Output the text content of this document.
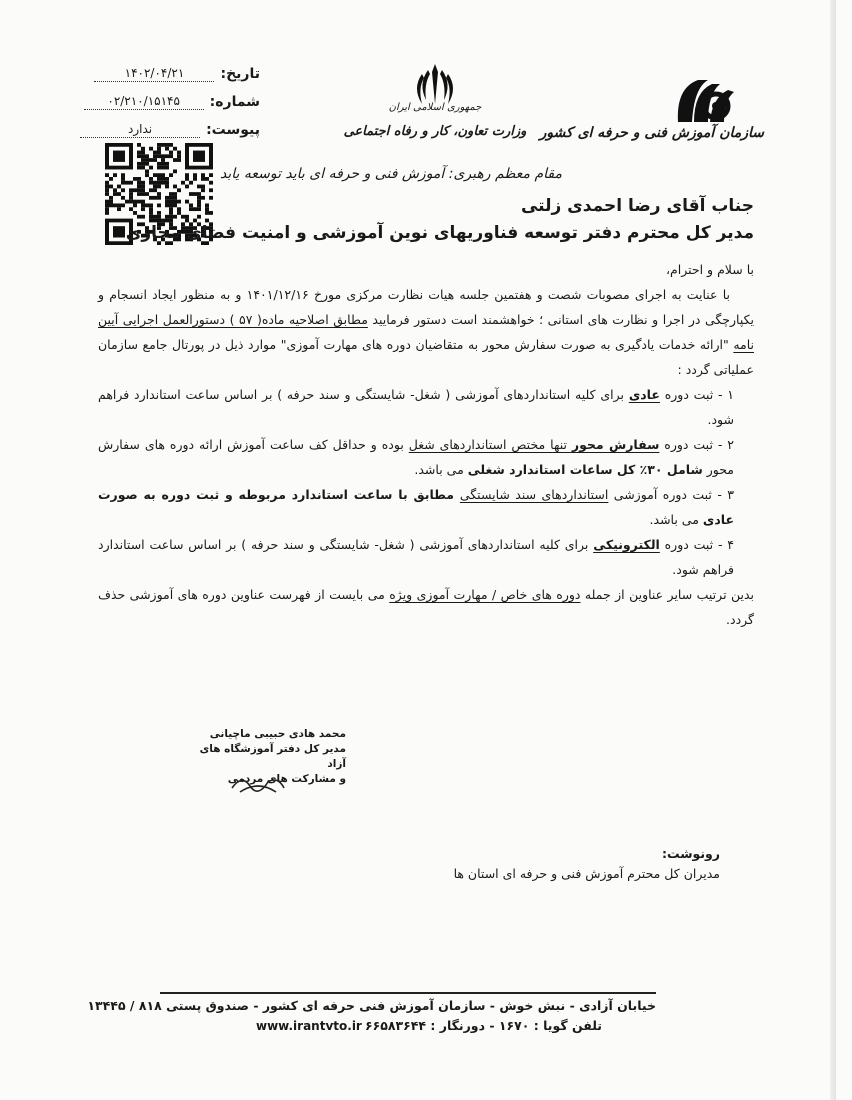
سازمان آموزش فنی و حرفه ای کشور
جمهوری اسلامی ایران
وزارت تعاون، کار و رفاه اجتماعی
مقام معظم رهبری: آموزش فنی و حرفه ای باید توسعه یابد
تاریخ:
۱۴۰۲/۰۴/۲۱
شماره:
۰۲/۲۱۰/۱۵۱۴۵
پیوست:
ندارد
جناب آقای رضا احمدی زلتی
مدیر کل محترم دفتر توسعه فناوریهای نوین آموزشی و امنیت فضای مجازی

با سلام و احترام،

با عنایت به اجرای مصوبات شصت و هفتمین جلسه هیات نظارت مرکزی مورخ ۱۴۰۱/۱۲/۱۶ و به منظور ایجاد انسجام و یکپارچگی در اجرا و نظارت های استانی ؛ خواهشمند است دستور فرمایید مطابق اصلاحیه ماده( ۵۷ ) دستورالعمل اجرایی آیین نامه "ارائه خدمات یادگیری به صورت سفارش محور به متقاضیان دوره های مهارت آموزی" موارد ذیل در پورتال جامع سازمان عملیاتی گردد :

۱ - ثبت دوره عادی برای کلیه استانداردهای آموزشی ( شغل- شایستگی و سند حرفه ) بر اساس ساعت استاندارد فراهم شود.

۲ - ثبت دوره سفارش محور تنها مختص استانداردهای شغل بوده و حداقل کف ساعت آموزش ارائه دوره های سفارش محور شامل ۳۰٪ کل ساعات استاندارد شغلی می باشد.

۳ - ثبت دوره آموزشی استانداردهای سند شایستگی مطابق با ساعت استاندارد مربوطه و ثبت دوره به صورت عادی می باشد.

۴ - ثبت دوره الکترونیکی برای کلیه استانداردهای آموزشی ( شغل- شایستگی و سند حرفه ) بر اساس ساعت استاندارد فراهم شود.

بدین ترتیب سایر عناوین از جمله دوره های خاص / مهارت آموزی ویژه می بایست از فهرست عناوین دوره های آموزشی حذف گردد.

محمد هادی حبیبی ماچیانی
مدیر کل دفتر آموزشگاه های آزاد
و مشارکت های مردمی
رونوشت:
مدیران کل محترم آموزش فنی و حرفه ای استان ها
خیابان آزادی - نبش خوش - سازمان آموزش فنی حرفه ای کشور - صندوق پستی ۸۱۸ / ۱۳۴۴۵
تلفن گویا : ۱۶۷۰ - دورنگار : ۶۶۵۸۳۶۴۴
www.irantvto.ir
